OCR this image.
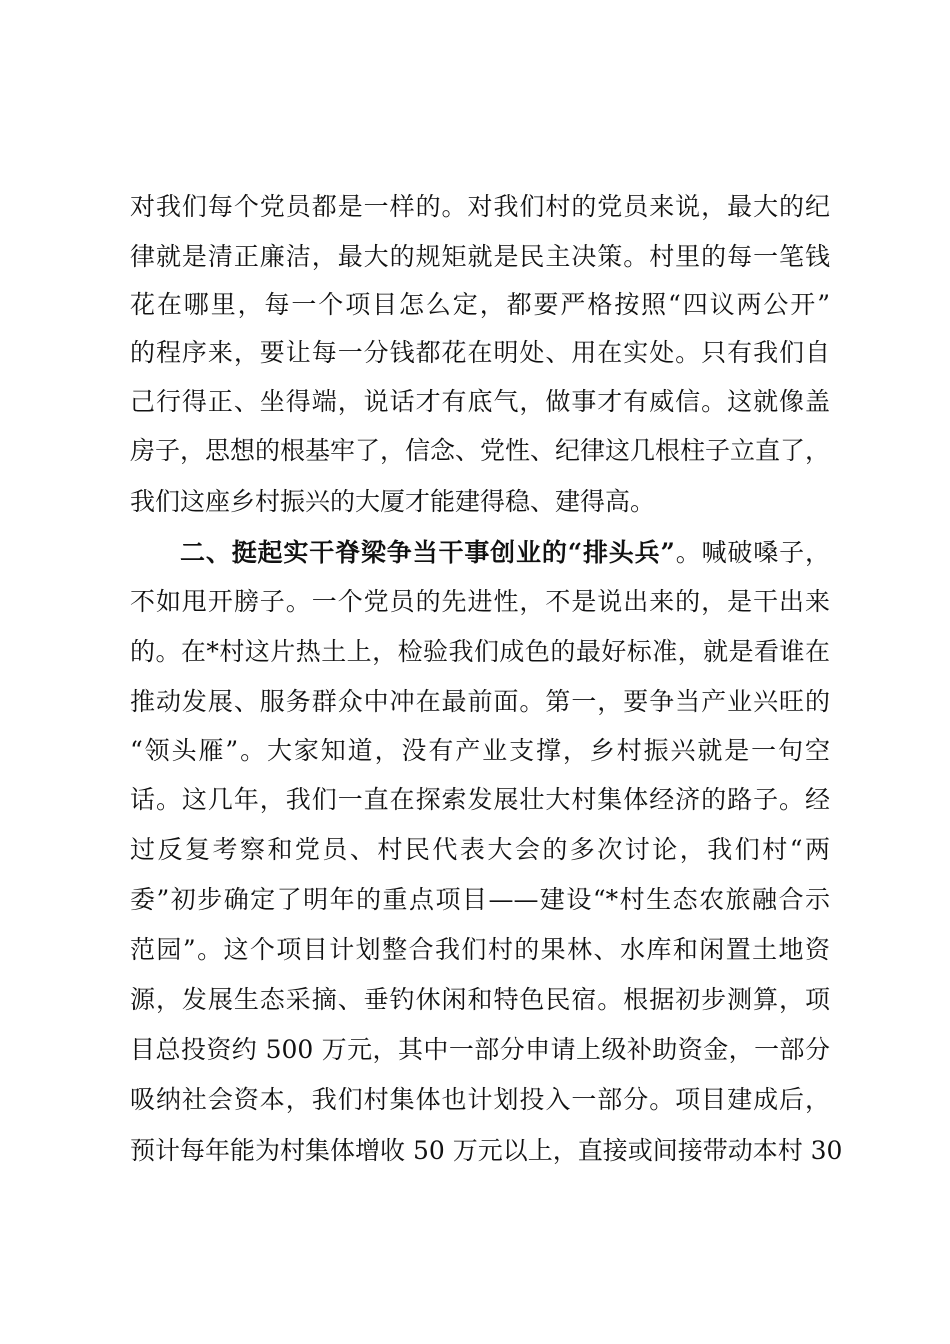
对我们每个党员都是一样的。对我们村的党员来说，最大的纪
律就是清正廉洁，最大的规矩就是民主决策。村里的每一笔钱
花在哪里，每一个项目怎么定，都要严格按照“四议两公开”
的程序来，要让每一分钱都花在明处、用在实处。只有我们自
己行得正、坐得端，说话才有底气，做事才有威信。这就像盖
房子，思想的根基牢了，信念、党性、纪律这几根柱子立直了，
我们这座乡村振兴的大厦才能建得稳、建得高。
二、挺起实干脊梁争当干事创业的“排头兵”。喊破嗓子，
不如甩开膀子。一个党员的先进性，不是说出来的，是干出来
的。在*村这片热土上，检验我们成色的最好标准，就是看谁在
推动发展、服务群众中冲在最前面。第一，要争当产业兴旺的
“领头雁”。大家知道，没有产业支撑，乡村振兴就是一句空
话。这几年，我们一直在探索发展壮大村集体经济的路子。经
过反复考察和党员、村民代表大会的多次讨论，我们村“两
委”初步确定了明年的重点项目——建设“*村生态农旅融合示
范园”。这个项目计划整合我们村的果林、水库和闲置土地资
源，发展生态采摘、垂钓休闲和特色民宿。根据初步测算，项
目总投资约 500 万元，其中一部分申请上级补助资金，一部分
吸纳社会资本，我们村集体也计划投入一部分。项目建成后，
预计每年能为村集体增收 50 万元以上，直接或间接带动本村 30
